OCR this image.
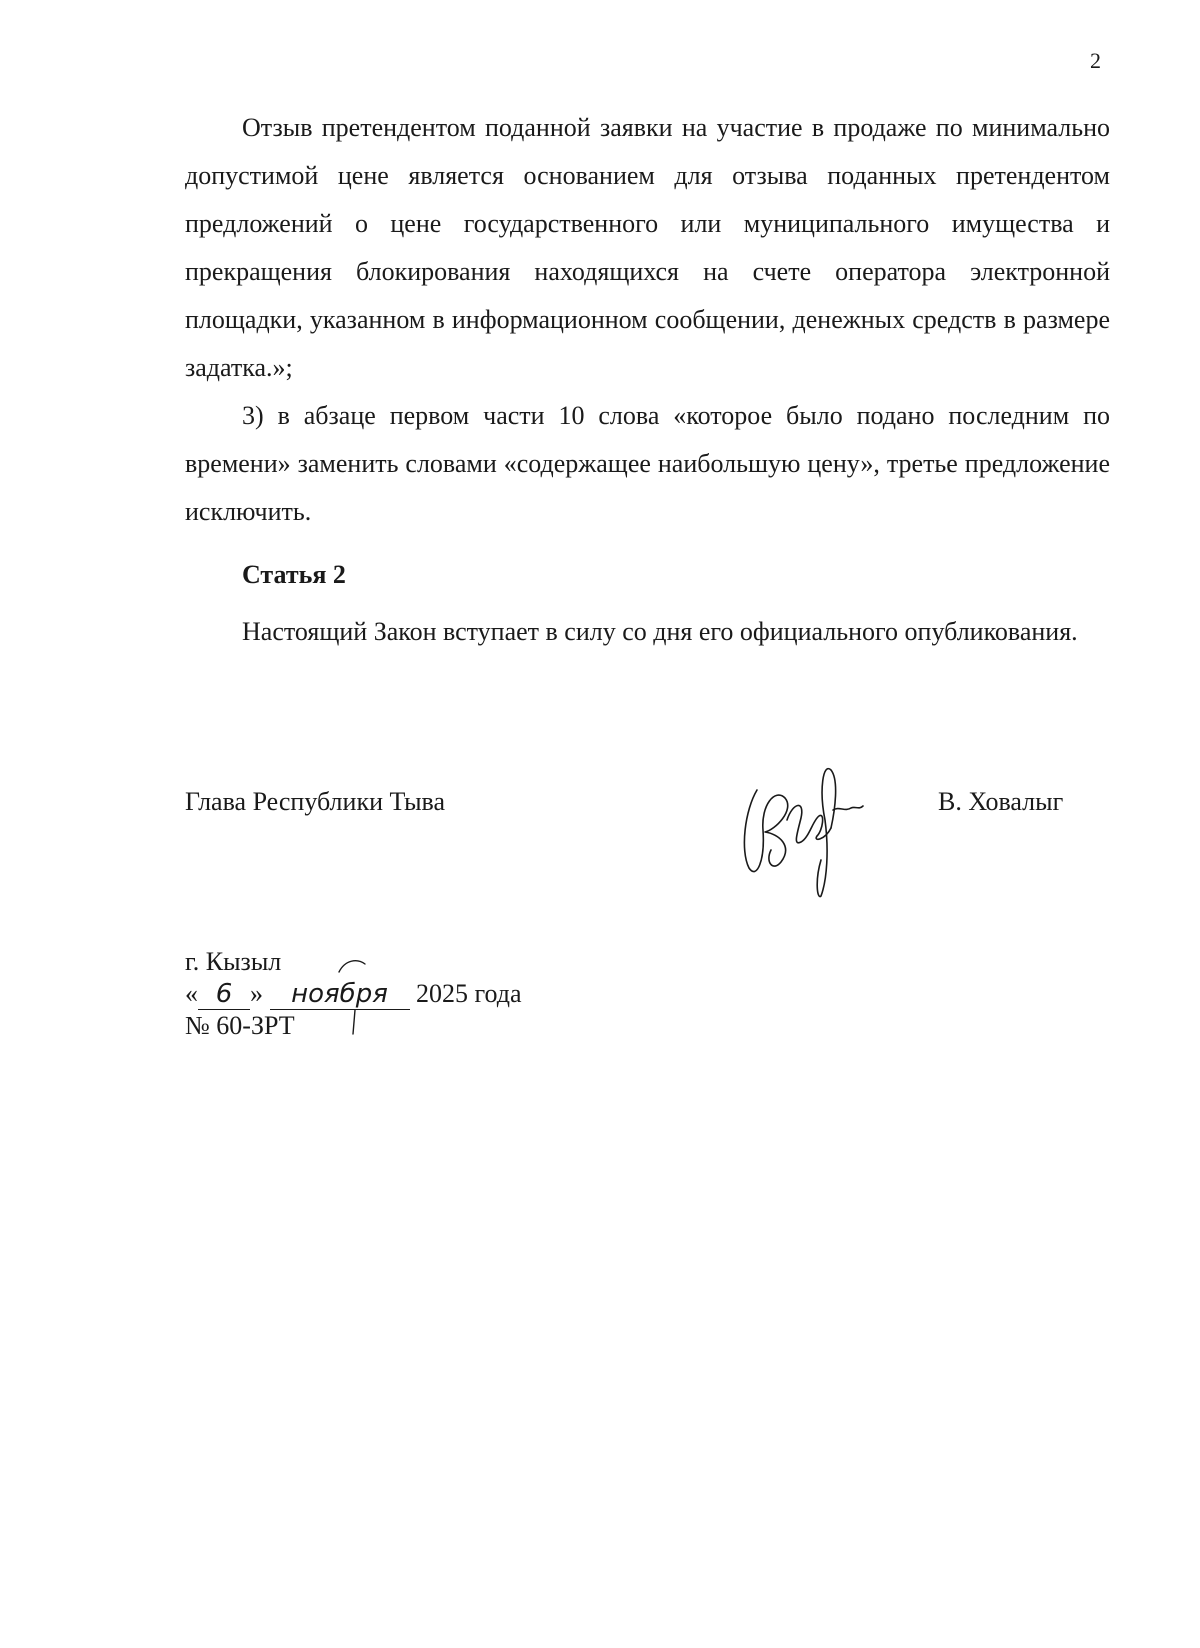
2

Отзыв претендентом поданной заявки на участие в продаже по минимально допустимой цене является основанием для отзыва поданных претендентом предложений о цене государственного или муниципального имущества и прекращения блокирования находящихся на счете оператора электронной площадки, указанном в информационном сообщении, денежных средств в размере задатка.»;

3) в абзаце первом части 10 слова «которое было подано последним по времени» заменить словами «содержащее наибольшую цену», третье предложение исключить.

Статья 2

Настоящий Закон вступает в силу со дня его официального опубликования.

Глава Республики Тыва	В. Ховалыг
г. Кызыл
« 6 » ноября 2025 года
№ 60-ЗРТ
